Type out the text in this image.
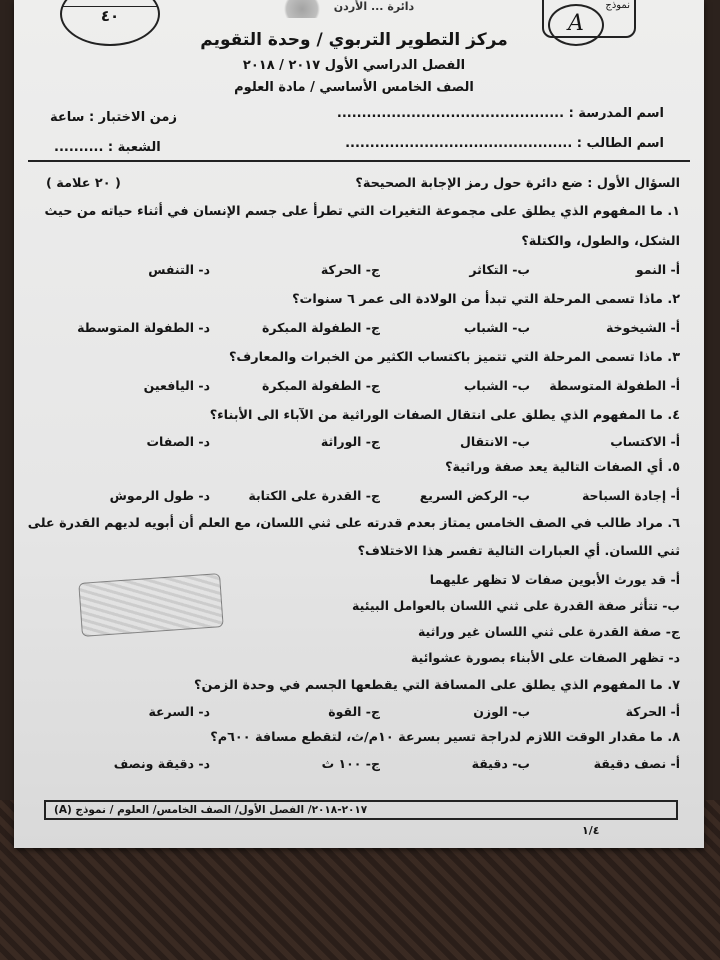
دائرة ... الأردن
٤٠
نموذج
A
مركز التطوير التربوي / وحدة التقويم
الفصل الدراسي الأول ٢٠١٧ / ٢٠١٨
الصف الخامس الأساسي / مادة العلوم
اسم المدرسة : ..............................................
اسم الطالب : ..............................................
زمن الاختبار : ساعة
الشعبة : ..........
السؤال الأول : ضع دائرة حول رمز الإجابة الصحيحة؟
( ٢٠ علامة )
١. ما المفهوم الذي يطلق على مجموعة التغيرات التي تطرأ على جسم الإنسان في أثناء حياته من حيث
الشكل، والطول، والكتلة؟
أ- النمو
ب- التكاثر
ج- الحركة
د- التنفس
٢. ماذا تسمى المرحلة التي تبدأ من الولادة الى عمر ٦ سنوات؟
أ- الشيخوخة
ب- الشباب
ج- الطفولة المبكرة
د- الطفولة المتوسطة
٣. ماذا تسمى المرحلة التي تتميز باكتساب الكثير من الخبرات والمعارف؟
أ- الطفولة المتوسطة
ب- الشباب
ج- الطفولة المبكرة
د- اليافعين
٤. ما المفهوم الذي يطلق على انتقال الصفات الوراثية من الآباء الى الأبناء؟
أ- الاكتساب
ب- الانتقال
ج- الوراثة
د- الصفات
٥. أي الصفات التالية يعد صفة وراثية؟
أ- إجادة السباحة
ب- الركض السريع
ج- القدرة على الكتابة
د- طول الرموش
٦. مراد طالب في الصف الخامس يمتاز بعدم قدرته على ثني اللسان، مع العلم أن أبويه لديهم القدرة على
ثني اللسان. أي العبارات التالية تفسر هذا الاختلاف؟
أ- قد يورث الأبوين صفات لا تظهر عليهما
ب- تتأثر صفة القدرة على ثني اللسان بالعوامل البيئية
ج- صفة القدرة على ثني اللسان غير وراثية
د- تظهر الصفات على الأبناء بصورة عشوائية
٧. ما المفهوم الذي يطلق على المسافة التي يقطعها الجسم في وحدة الزمن؟
أ- الحركة
ب- الوزن
ج- القوة
د- السرعة
٨. ما مقدار الوقت اللازم لدراجة تسير بسرعة ١٠م/ث، لتقطع مسافة ٦٠٠م؟
أ- نصف دقيقة
ب- دقيقة
ج- ١٠٠ ث
د- دقيقة ونصف
٢٠١٧-٢٠١٨/ الفصل الأول/ الصف الخامس/ العلوم / نموذج (A)
١/٤
